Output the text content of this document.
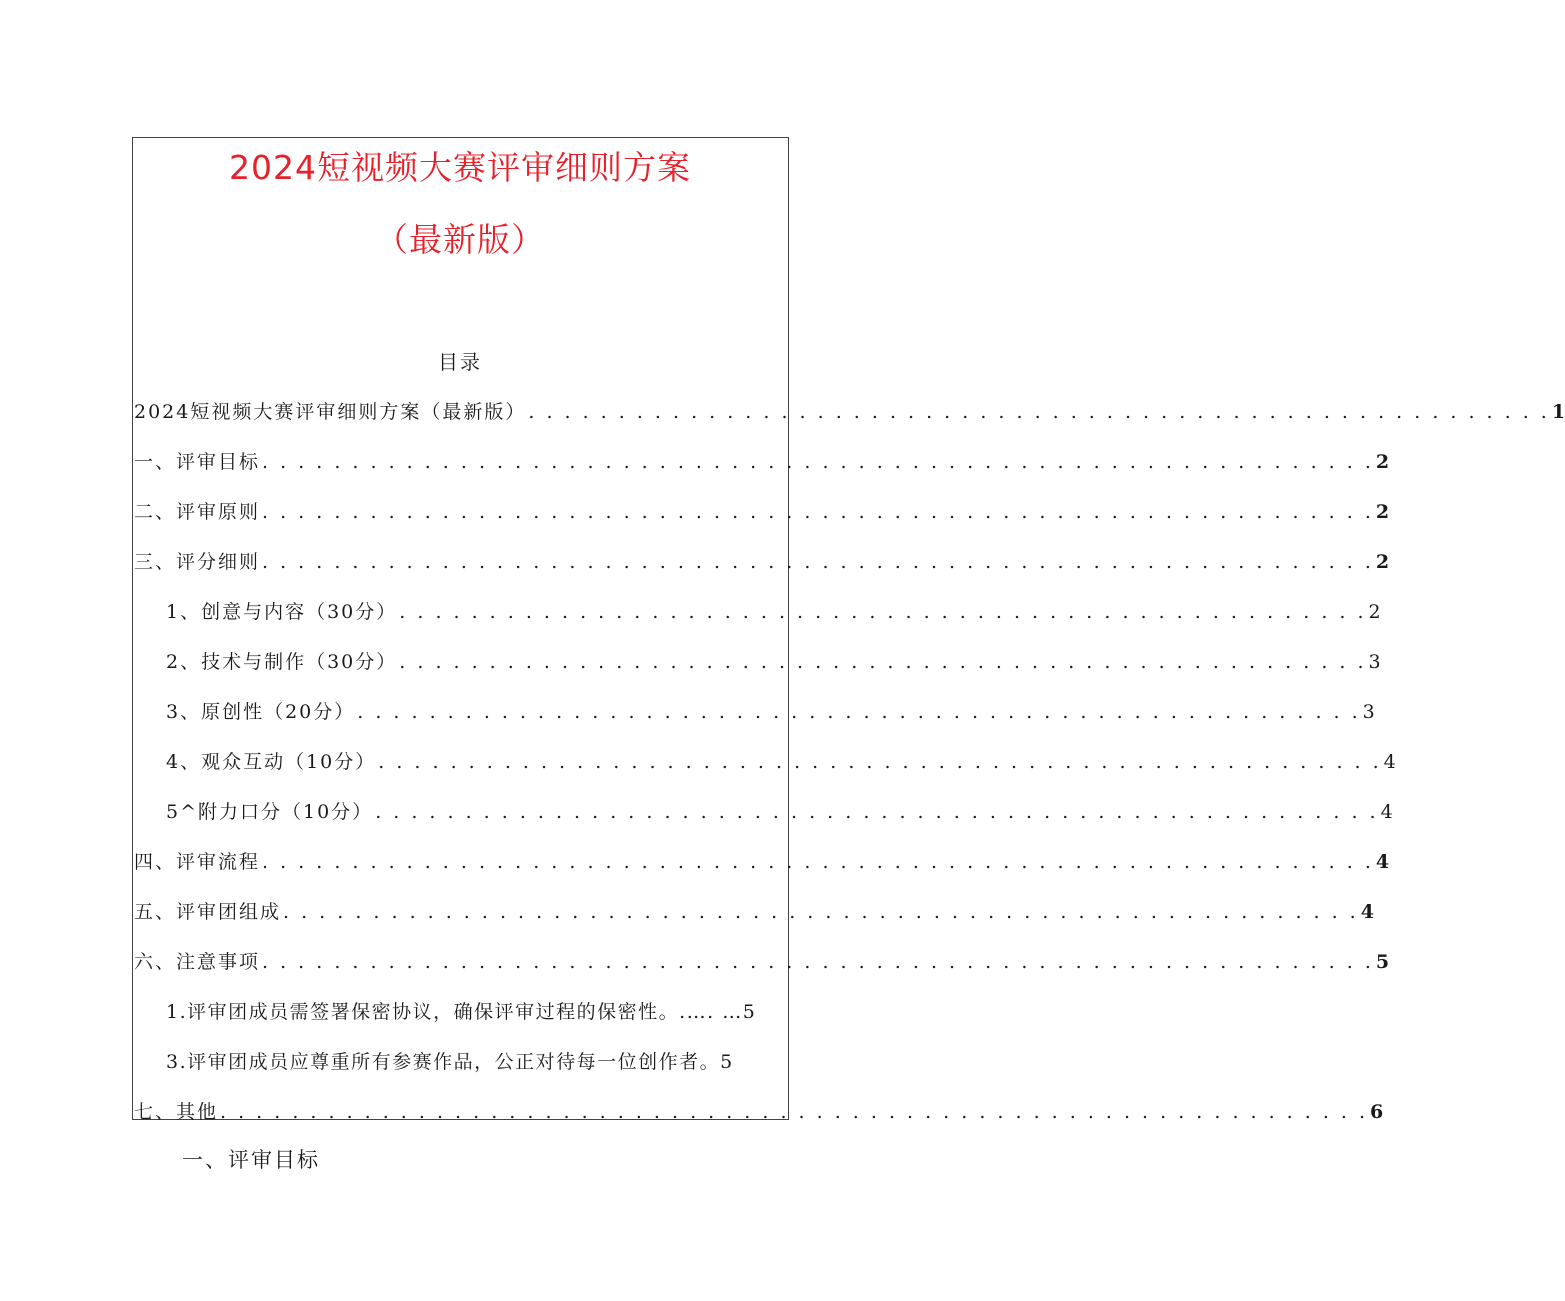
2024短视频大赛评审细则方案
（最新版）
目录
2024短视频大赛评审细则方案（最新版） . . . . . . . . . . . . . . . . . . . . . . . . . . . . . . . . . . . . . . . . . . . . . . . . . . . . . . . . . 1
一、评审目标 . . . . . . . . . . . . . . . . . . . . . . . . . . . . . . . . . . . . . . . . . . . . . . . . . . . . . . . . . . . . . . 2
二、评审原则 . . . . . . . . . . . . . . . . . . . . . . . . . . . . . . . . . . . . . . . . . . . . . . . . . . . . . . . . . . . . . . 2
三、评分细则 . . . . . . . . . . . . . . . . . . . . . . . . . . . . . . . . . . . . . . . . . . . . . . . . . . . . . . . . . . . . . . 2
1、创意与内容（30分） . . . . . . . . . . . . . . . . . . . . . . . . . . . . . . . . . . . . . . . . . . . . . . . . . . . . . . 2
2、技术与制作（30分） . . . . . . . . . . . . . . . . . . . . . . . . . . . . . . . . . . . . . . . . . . . . . . . . . . . . . . 3
3、原创性（20分） . . . . . . . . . . . . . . . . . . . . . . . . . . . . . . . . . . . . . . . . . . . . . . . . . . . . . . . . 3
4、观众互动（10分） . . . . . . . . . . . . . . . . . . . . . . . . . . . . . . . . . . . . . . . . . . . . . . . . . . . . . . . . 4
5^附力口分（10分） . . . . . . . . . . . . . . . . . . . . . . . . . . . . . . . . . . . . . . . . . . . . . . . . . . . . . . . . 4
四、评审流程 . . . . . . . . . . . . . . . . . . . . . . . . . . . . . . . . . . . . . . . . . . . . . . . . . . . . . . . . . . . . . . 4
五、评审团组成 . . . . . . . . . . . . . . . . . . . . . . . . . . . . . . . . . . . . . . . . . . . . . . . . . . . . . . . . . . . . 4
六、注意事项 . . . . . . . . . . . . . . . . . . . . . . . . . . . . . . . . . . . . . . . . . . . . . . . . . . . . . . . . . . . . . . 5
1.评审团成员需签署保密协议，确保评审过程的保密性。.…. … 5
3.评审团成员应尊重所有参赛作品，公正对待每一位创作者。 5
七、其他 . . . . . . . . . . . . . . . . . . . . . . . . . . . . . . . . . . . . . . . . . . . . . . . . . . . . . . . . . . . . . . . . 6
一、评审目标
